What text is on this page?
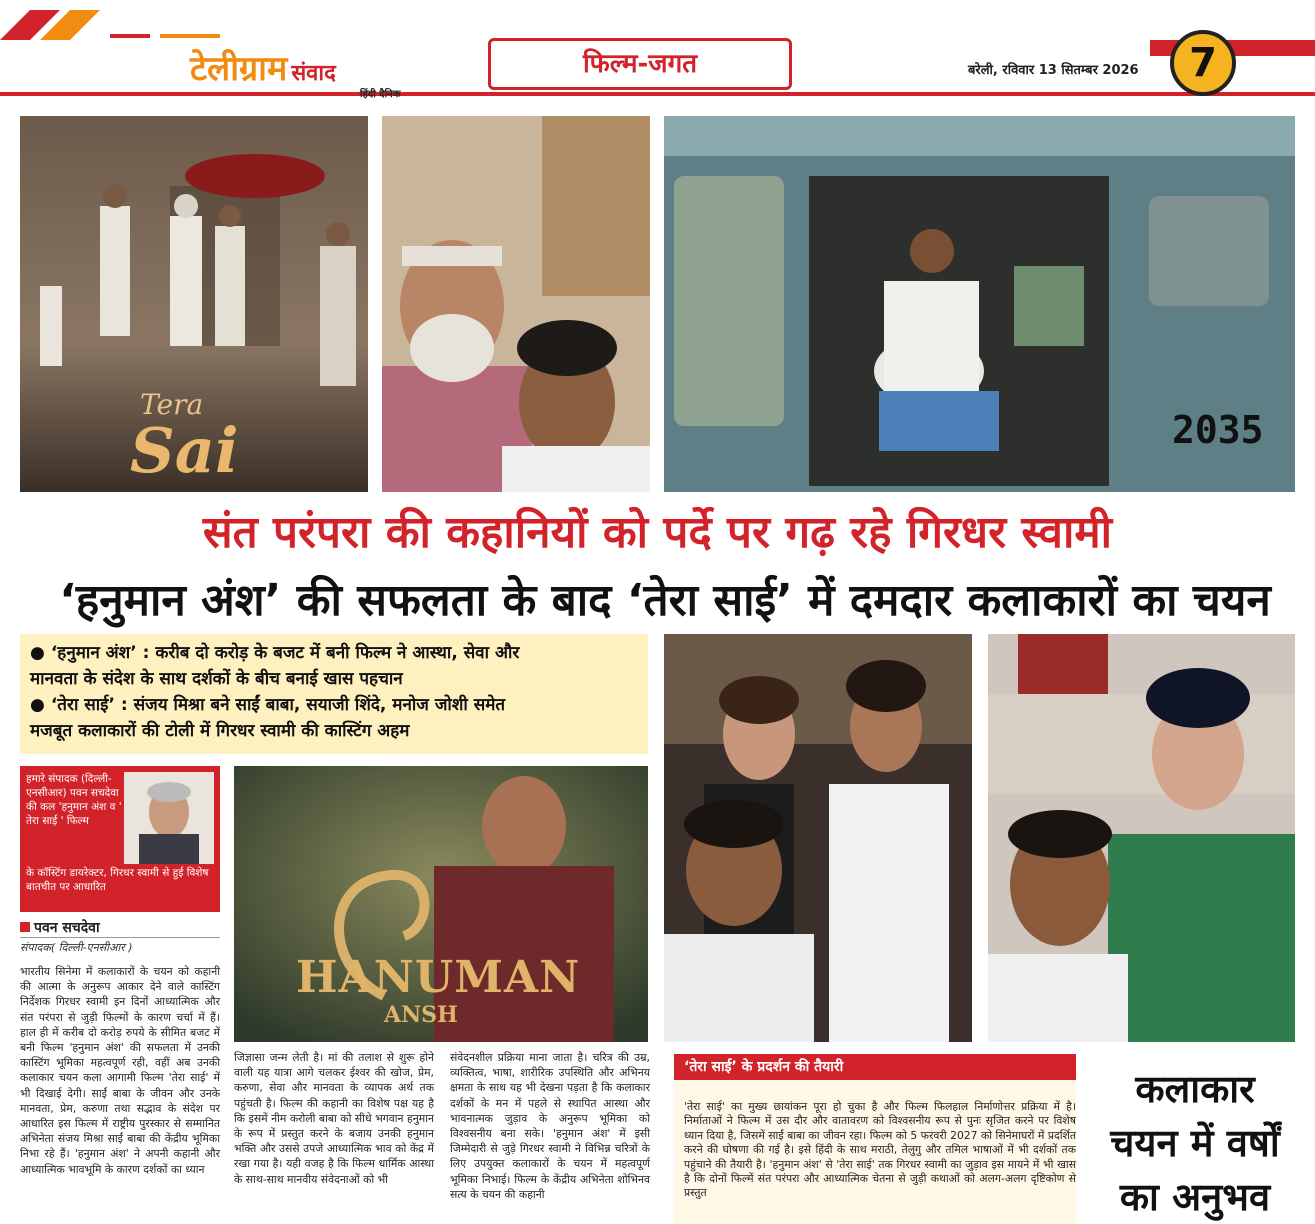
टेलीग्राम संवाद
हिंदी दैनिक
फिल्म-जगत	बरेली, रविवार 13 सितम्बर 2026	7
Tera
Sai	2035
संत परंपरा की कहानियों को पर्दे पर गढ़ रहे गिरधर स्वामी
‘हनुमान अंश’ की सफलता के बाद ‘तेरा साई’ में दमदार कलाकारों का चयन
● ‘हनुमान अंश’ : करीब दो करोड़ के बजट में बनी फिल्म ने आस्था, सेवा और
मानवता के संदेश के साथ दर्शकों के बीच बनाई खास पहचान
● ‘तेरा साई’ : संजय मिश्रा बने साईं बाबा, सयाजी शिंदे, मनोज जोशी समेत
मजबूत कलाकारों की टोली में गिरधर स्वामी की कास्टिंग अहम
हमारे संपादक (दिल्ली-एनसीआर) पवन सचदेवा की कल 'हनुमान अंश व ' तेरा साई ' फिल्म
के कॉस्टिंग डायरेक्टर, गिरधर स्वामी से हुई विशेष बातचीत पर आधारित
पवन सचदेवा
संपादक( दिल्ली-एनसीआर )
HANUMAN
ANSH
भारतीय सिनेमा में कलाकारों के चयन को कहानी की आत्मा के अनुरूप आकार देने वाले कास्टिंग निर्देशक गिरधर स्वामी इन दिनों आध्यात्मिक और संत परंपरा से जुड़ी फिल्मों के कारण चर्चा में हैं। हाल ही में करीब दो करोड़ रुपये के सीमित बजट में बनी फिल्म 'हनुमान अंश' की सफलता में उनकी कास्टिंग भूमिका महत्वपूर्ण रही, वहीं अब उनकी कलाकार चयन कला आगामी फिल्म 'तेरा साई' में भी दिखाई देगी। साईं बाबा के जीवन और उनके मानवता, प्रेम, करुणा तथा सद्भाव के संदेश पर आधारित इस फिल्म में राष्ट्रीय पुरस्कार से सम्मानित अभिनेता संजय मिश्रा साईं बाबा की केंद्रीय भूमिका निभा रहे हैं। 'हनुमान अंश' ने अपनी कहानी और आध्यात्मिक भावभूमि के कारण दर्शकों का ध्यान
जिज्ञासा जन्म लेती है। मां की तलाश से शुरू होने वाली यह यात्रा आगे चलकर ईश्वर की खोज, प्रेम, करुणा, सेवा और मानवता के व्यापक अर्थ तक पहुंचती है। फिल्म की कहानी का विशेष पक्ष यह है कि इसमें नीम करोली बाबा को सीधे भगवान हनुमान के रूप में प्रस्तुत करने के बजाय उनकी हनुमान भक्ति और उससे उपजे आध्यात्मिक भाव को केंद्र में रखा गया है। यही वजह है कि फिल्म धार्मिक आस्था के साथ-साथ मानवीय संवेदनाओं को भी
संवेदनशील प्रक्रिया माना जाता है। चरित्र की उम्र, व्यक्तित्व, भाषा, शारीरिक उपस्थिति और अभिनय क्षमता के साथ यह भी देखना पड़ता है कि कलाकार दर्शकों के मन में पहले से स्थापित आस्था और भावनात्मक जुड़ाव के अनुरूप भूमिका को विश्वसनीय बना सके। 'हनुमान अंश' में इसी जिम्मेदारी से जुड़े गिरधर स्वामी ने विभिन्न चरित्रों के लिए उपयुक्त कलाकारों के चयन में महत्वपूर्ण भूमिका निभाई। फिल्म के केंद्रीय अभिनेता शोभिनव सत्य के चयन की कहानी
‘तेरा साई’ के प्रदर्शन की तैयारी
'तेरा साई' का मुख्य छायांकन पूरा हो चुका है और फिल्म फिलहाल निर्माणोत्तर प्रक्रिया में है। निर्माताओं ने फिल्म में उस दौर और वातावरण को विश्वसनीय रूप से पुनः सृजित करने पर विशेष ध्यान दिया है, जिसमें साईं बाबा का जीवन रहा। फिल्म को 5 फरवरी 2027 को सिनेमाघरों में प्रदर्शित करने की घोषणा की गई है। इसे हिंदी के साथ मराठी, तेलुगु और तमिल भाषाओं में भी दर्शकों तक पहुंचाने की तैयारी है। 'हनुमान अंश' से 'तेरा साई' तक गिरधर स्वामी का जुड़ाव इस मायने में भी खास है कि दोनों फिल्में संत परंपरा और आध्यात्मिक चेतना से जुड़ी कथाओं को अलग-अलग दृष्टिकोण से प्रस्तुत
कलाकार
चयन में वर्षों
का अनुभव
